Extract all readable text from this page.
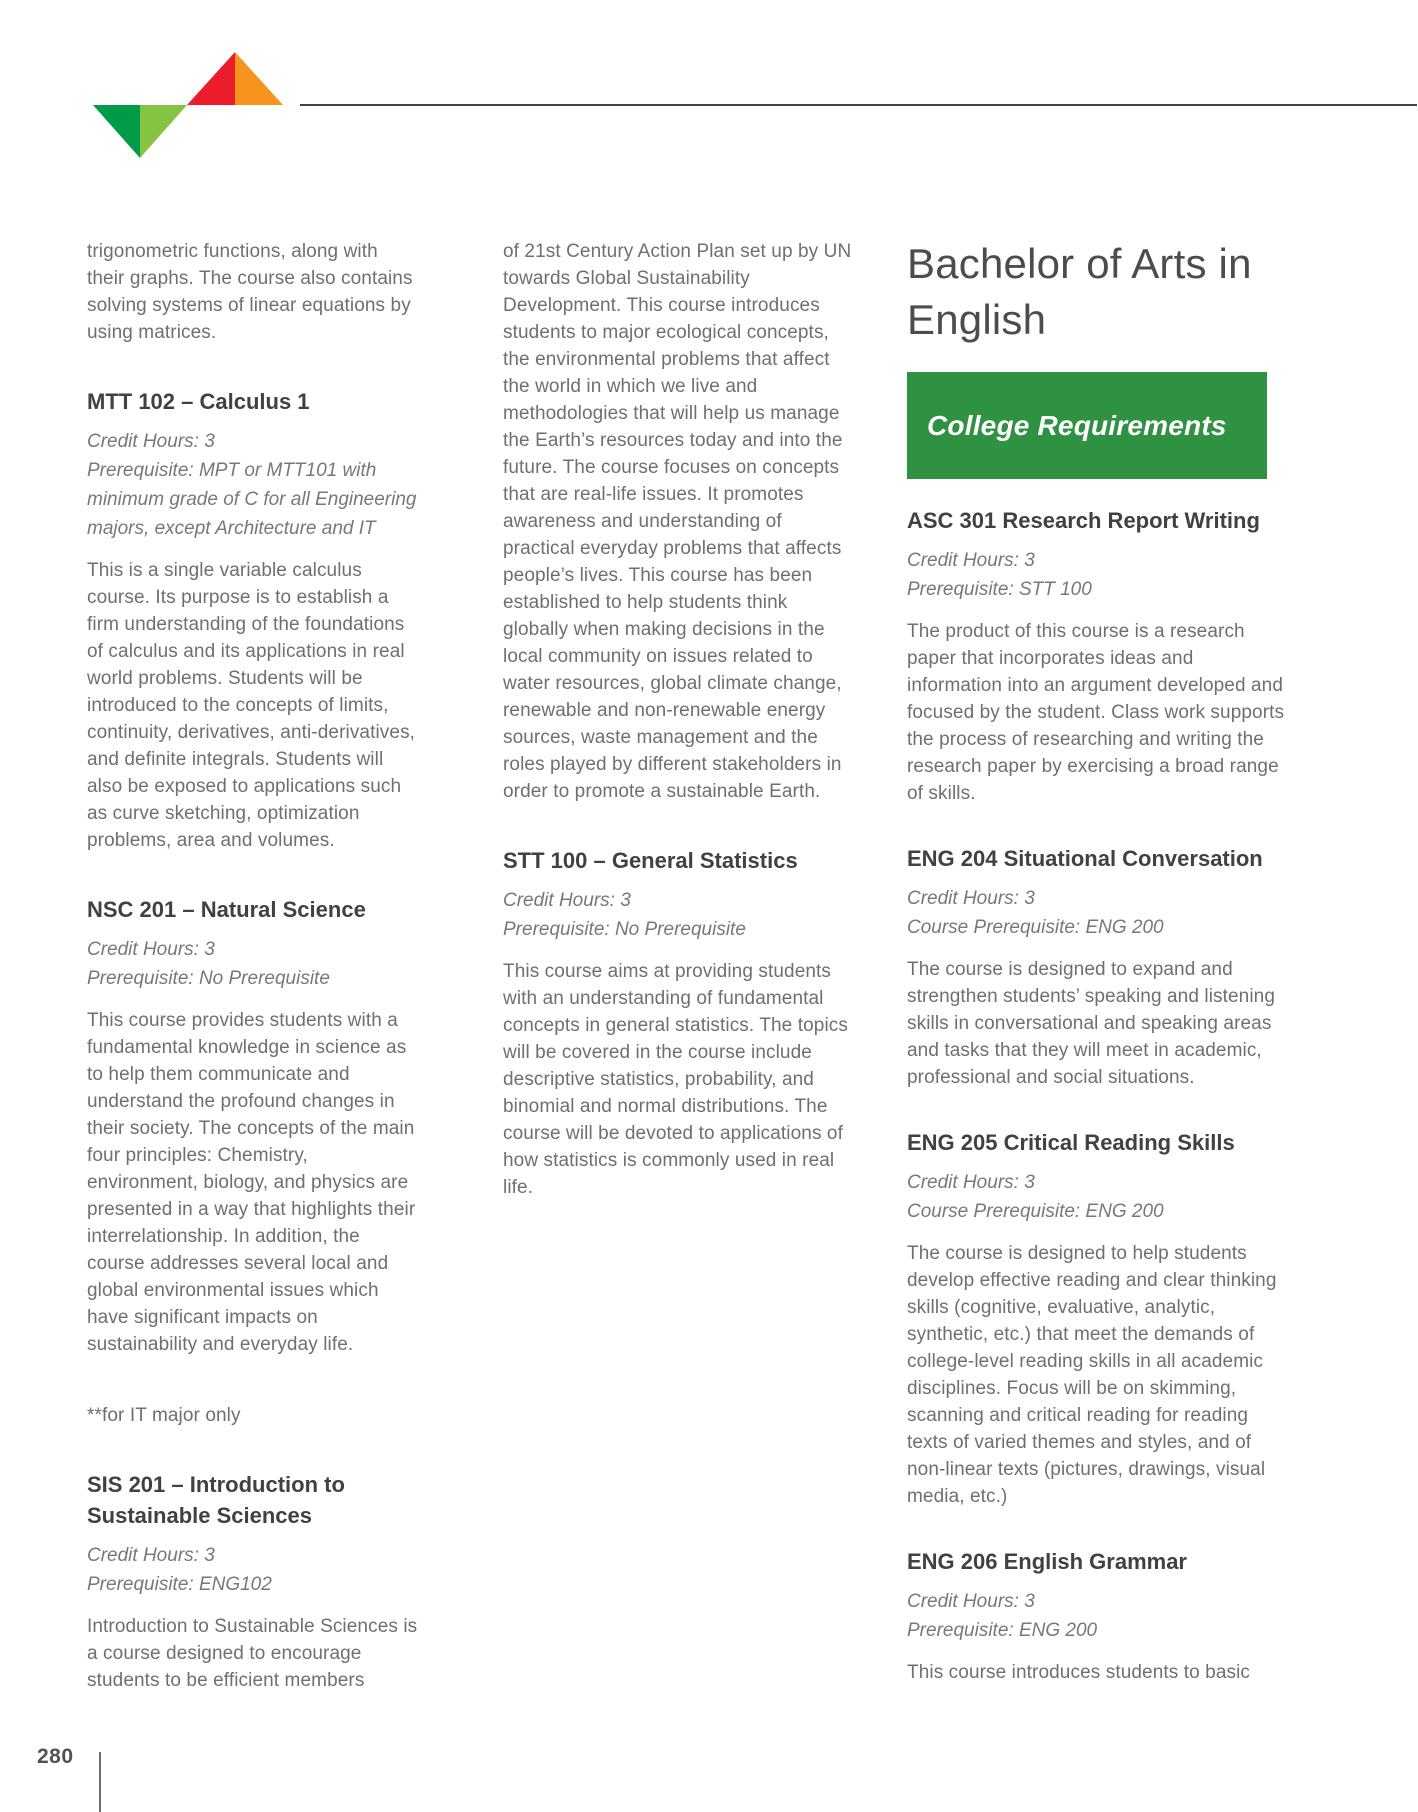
trigonometric functions, along with their graphs. The course also contains solving systems of linear equations by using matrices.

MTT 102 – Calculus 1

Credit Hours: 3

Prerequisite: MPT or MTT101 with minimum grade of C for all Engineering majors, except Architecture and IT

This is a single variable calculus course. Its purpose is to establish a firm understanding of the foundations of calculus and its applications in real world problems. Students will be introduced to the concepts of limits, continuity, derivatives, anti-derivatives, and definite integrals. Students will also be exposed to applications such as curve sketching, optimization problems, area and volumes.

NSC 201 – Natural Science

Credit Hours: 3

Prerequisite: No Prerequisite

This course provides students with a fundamental knowledge in science as to help them communicate and understand the profound changes in their society. The concepts of the main four principles: Chemistry, environment, biology, and physics are presented in a way that highlights their interrelationship. In addition, the course addresses several local and global environmental issues which have significant impacts on sustainability and everyday life.

**for IT major only

SIS 201 – Introduction to Sustainable Sciences

Credit Hours: 3

Prerequisite: ENG102

Introduction to Sustainable Sciences is a course designed to encourage students to be efficient members

of 21st Century Action Plan set up by UN towards Global Sustainability Development. This course introduces students to major ecological concepts, the environmental problems that affect the world in which we live and methodologies that will help us manage the Earth’s resources today and into the future. The course focuses on concepts that are real-life issues. It promotes awareness and understanding of practical everyday problems that affects people’s lives. This course has been established to help students think globally when making decisions in the local community on issues related to water resources, global climate change, renewable and non-renewable energy sources, waste management and the roles played by different stakeholders in order to promote a sustainable Earth.

STT 100 – General Statistics

Credit Hours: 3

Prerequisite: No Prerequisite

This course aims at providing students with an understanding of fundamental concepts in general statistics. The topics will be covered in the course include descriptive statistics, probability, and binomial and normal distributions. The course will be devoted to applications of how statistics is commonly used in real life.

Bachelor of Arts in English
College Requirements
ASC 301 Research Report Writing

Credit Hours: 3

Prerequisite: STT 100

The product of this course is a research paper that incorporates ideas and information into an argument developed and focused by the student. Class work supports the process of researching and writing the research paper by exercising a broad range of skills.

ENG 204 Situational Conversation

Credit Hours: 3

Course Prerequisite: ENG 200

The course is designed to expand and strengthen students’ speaking and listening skills in conversational and speaking areas and tasks that they will meet in academic, professional and social situations.

ENG 205 Critical Reading Skills

Credit Hours: 3

Course Prerequisite: ENG 200

The course is designed to help students develop effective reading and clear thinking skills (cognitive, evaluative, analytic, synthetic, etc.) that meet the demands of college-level reading skills in all academic disciplines. Focus will be on skimming, scanning and critical reading for reading texts of varied themes and styles, and of non-linear texts (pictures, drawings, visual media, etc.)

ENG 206 English Grammar

Credit Hours: 3

Prerequisite: ENG 200

This course introduces students to basic

280
